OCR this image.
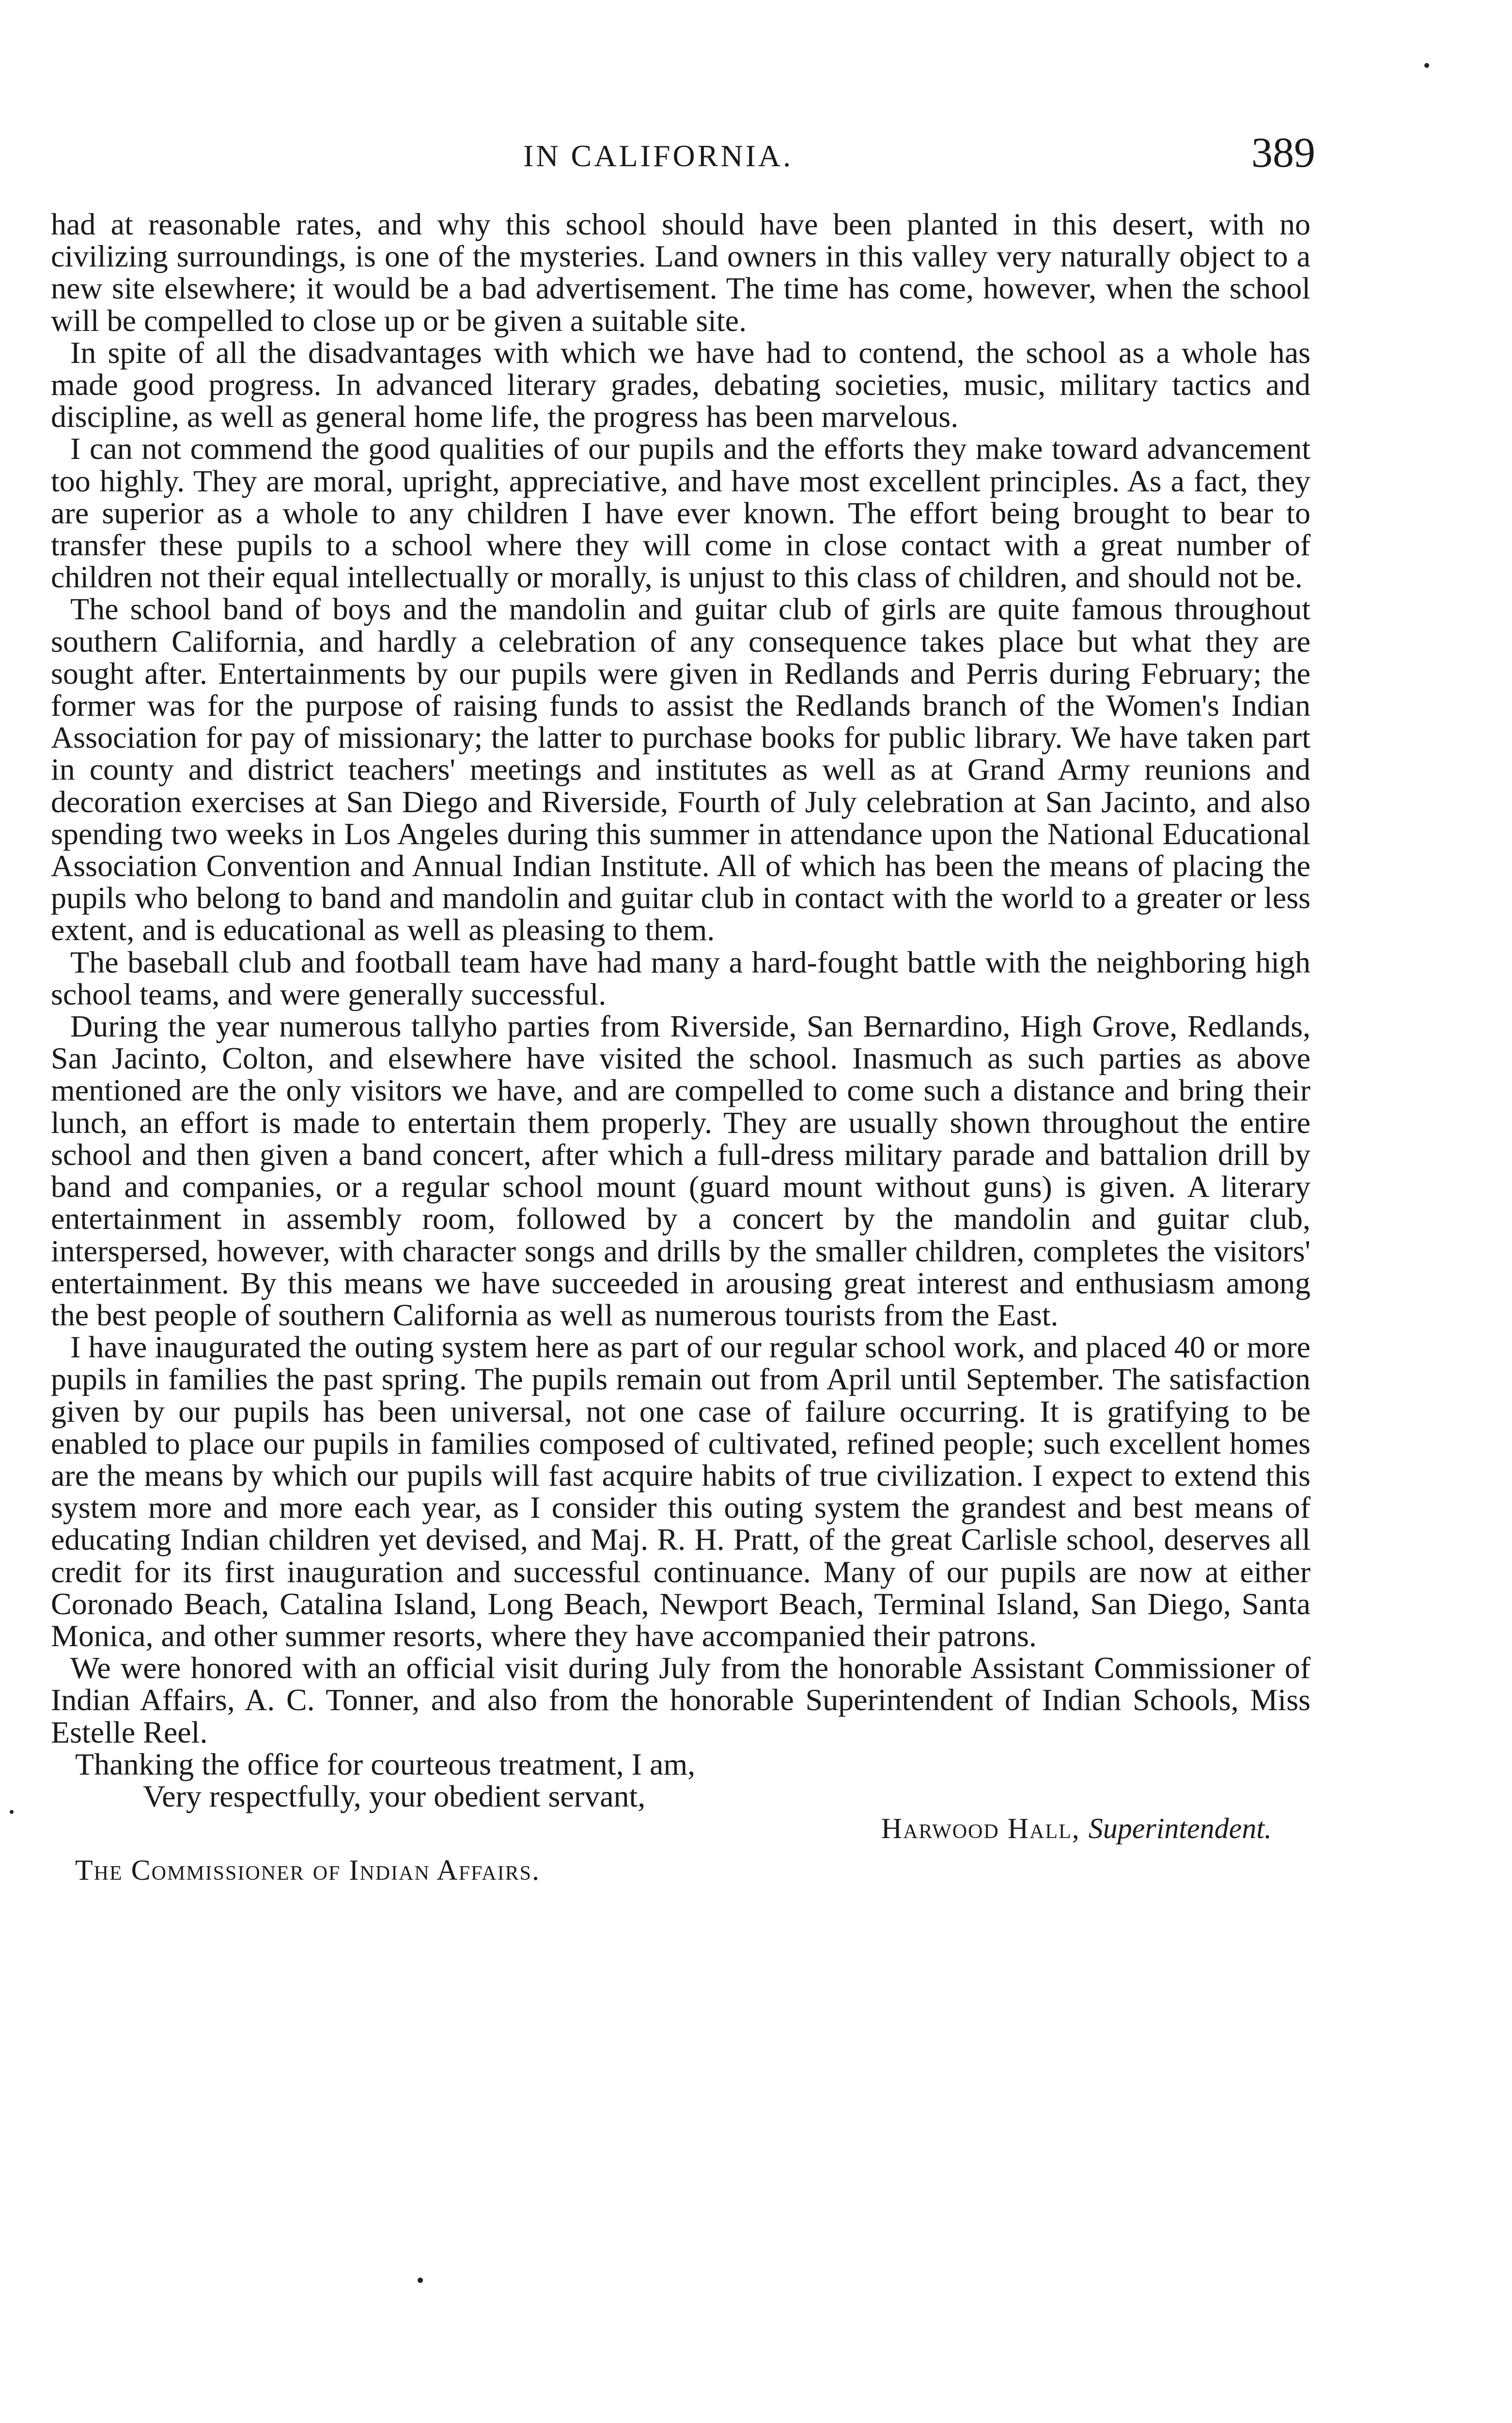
IN CALIFORNIA.	389

had at reasonable rates, and why this school should have been planted in this desert, with no civilizing surroundings, is one of the mysteries. Land owners in this valley very naturally object to a new site elsewhere; it would be a bad advertisement. The time has come, however, when the school will be compelled to close up or be given a suitable site.

In spite of all the disadvantages with which we have had to contend, the school as a whole has made good progress. In advanced literary grades, debating societies, music, military tactics and discipline, as well as general home life, the progress has been marvelous.

I can not commend the good qualities of our pupils and the efforts they make toward advancement too highly. They are moral, upright, appreciative, and have most excellent principles. As a fact, they are superior as a whole to any children I have ever known. The effort being brought to bear to transfer these pupils to a school where they will come in close contact with a great number of children not their equal intellectually or morally, is unjust to this class of children, and should not be.

The school band of boys and the mandolin and guitar club of girls are quite famous throughout southern California, and hardly a celebration of any consequence takes place but what they are sought after. Entertainments by our pupils were given in Redlands and Perris during February; the former was for the purpose of raising funds to assist the Redlands branch of the Women's Indian Association for pay of missionary; the latter to purchase books for public library. We have taken part in county and district teachers' meetings and institutes as well as at Grand Army reunions and decoration exercises at San Diego and Riverside, Fourth of July celebration at San Jacinto, and also spending two weeks in Los Angeles during this summer in attendance upon the National Educational Association Convention and Annual Indian Institute. All of which has been the means of placing the pupils who belong to band and mandolin and guitar club in contact with the world to a greater or less extent, and is educational as well as pleasing to them.

The baseball club and football team have had many a hard-fought battle with the neighboring high school teams, and were generally successful.

During the year numerous tallyho parties from Riverside, San Bernardino, High Grove, Redlands, San Jacinto, Colton, and elsewhere have visited the school. Inasmuch as such parties as above mentioned are the only visitors we have, and are compelled to come such a distance and bring their lunch, an effort is made to entertain them properly. They are usually shown throughout the entire school and then given a band concert, after which a full-dress military parade and battalion drill by band and companies, or a regular school mount (guard mount without guns) is given. A literary entertainment in assembly room, followed by a concert by the mandolin and guitar club, interspersed, however, with character songs and drills by the smaller children, completes the visitors' entertainment. By this means we have succeeded in arousing great interest and enthusiasm among the best people of southern California as well as numerous tourists from the East.

I have inaugurated the outing system here as part of our regular school work, and placed 40 or more pupils in families the past spring. The pupils remain out from April until September. The satisfaction given by our pupils has been universal, not one case of failure occurring. It is gratifying to be enabled to place our pupils in families composed of cultivated, refined people; such excellent homes are the means by which our pupils will fast acquire habits of true civilization. I expect to extend this system more and more each year, as I consider this outing system the grandest and best means of educating Indian children yet devised, and Maj. R. H. Pratt, of the great Carlisle school, deserves all credit for its first inauguration and successful continuance. Many of our pupils are now at either Coronado Beach, Catalina Island, Long Beach, Newport Beach, Terminal Island, San Diego, Santa Monica, and other summer resorts, where they have accompanied their patrons.

We were honored with an official visit during July from the honorable Assistant Commissioner of Indian Affairs, A. C. Tonner, and also from the honorable Superintendent of Indian Schools, Miss Estelle Reel.

Thanking the office for courteous treatment, I am,

Very respectfully, your obedient servant,

Harwood Hall, Superintendent.

The Commissioner of Indian Affairs.
